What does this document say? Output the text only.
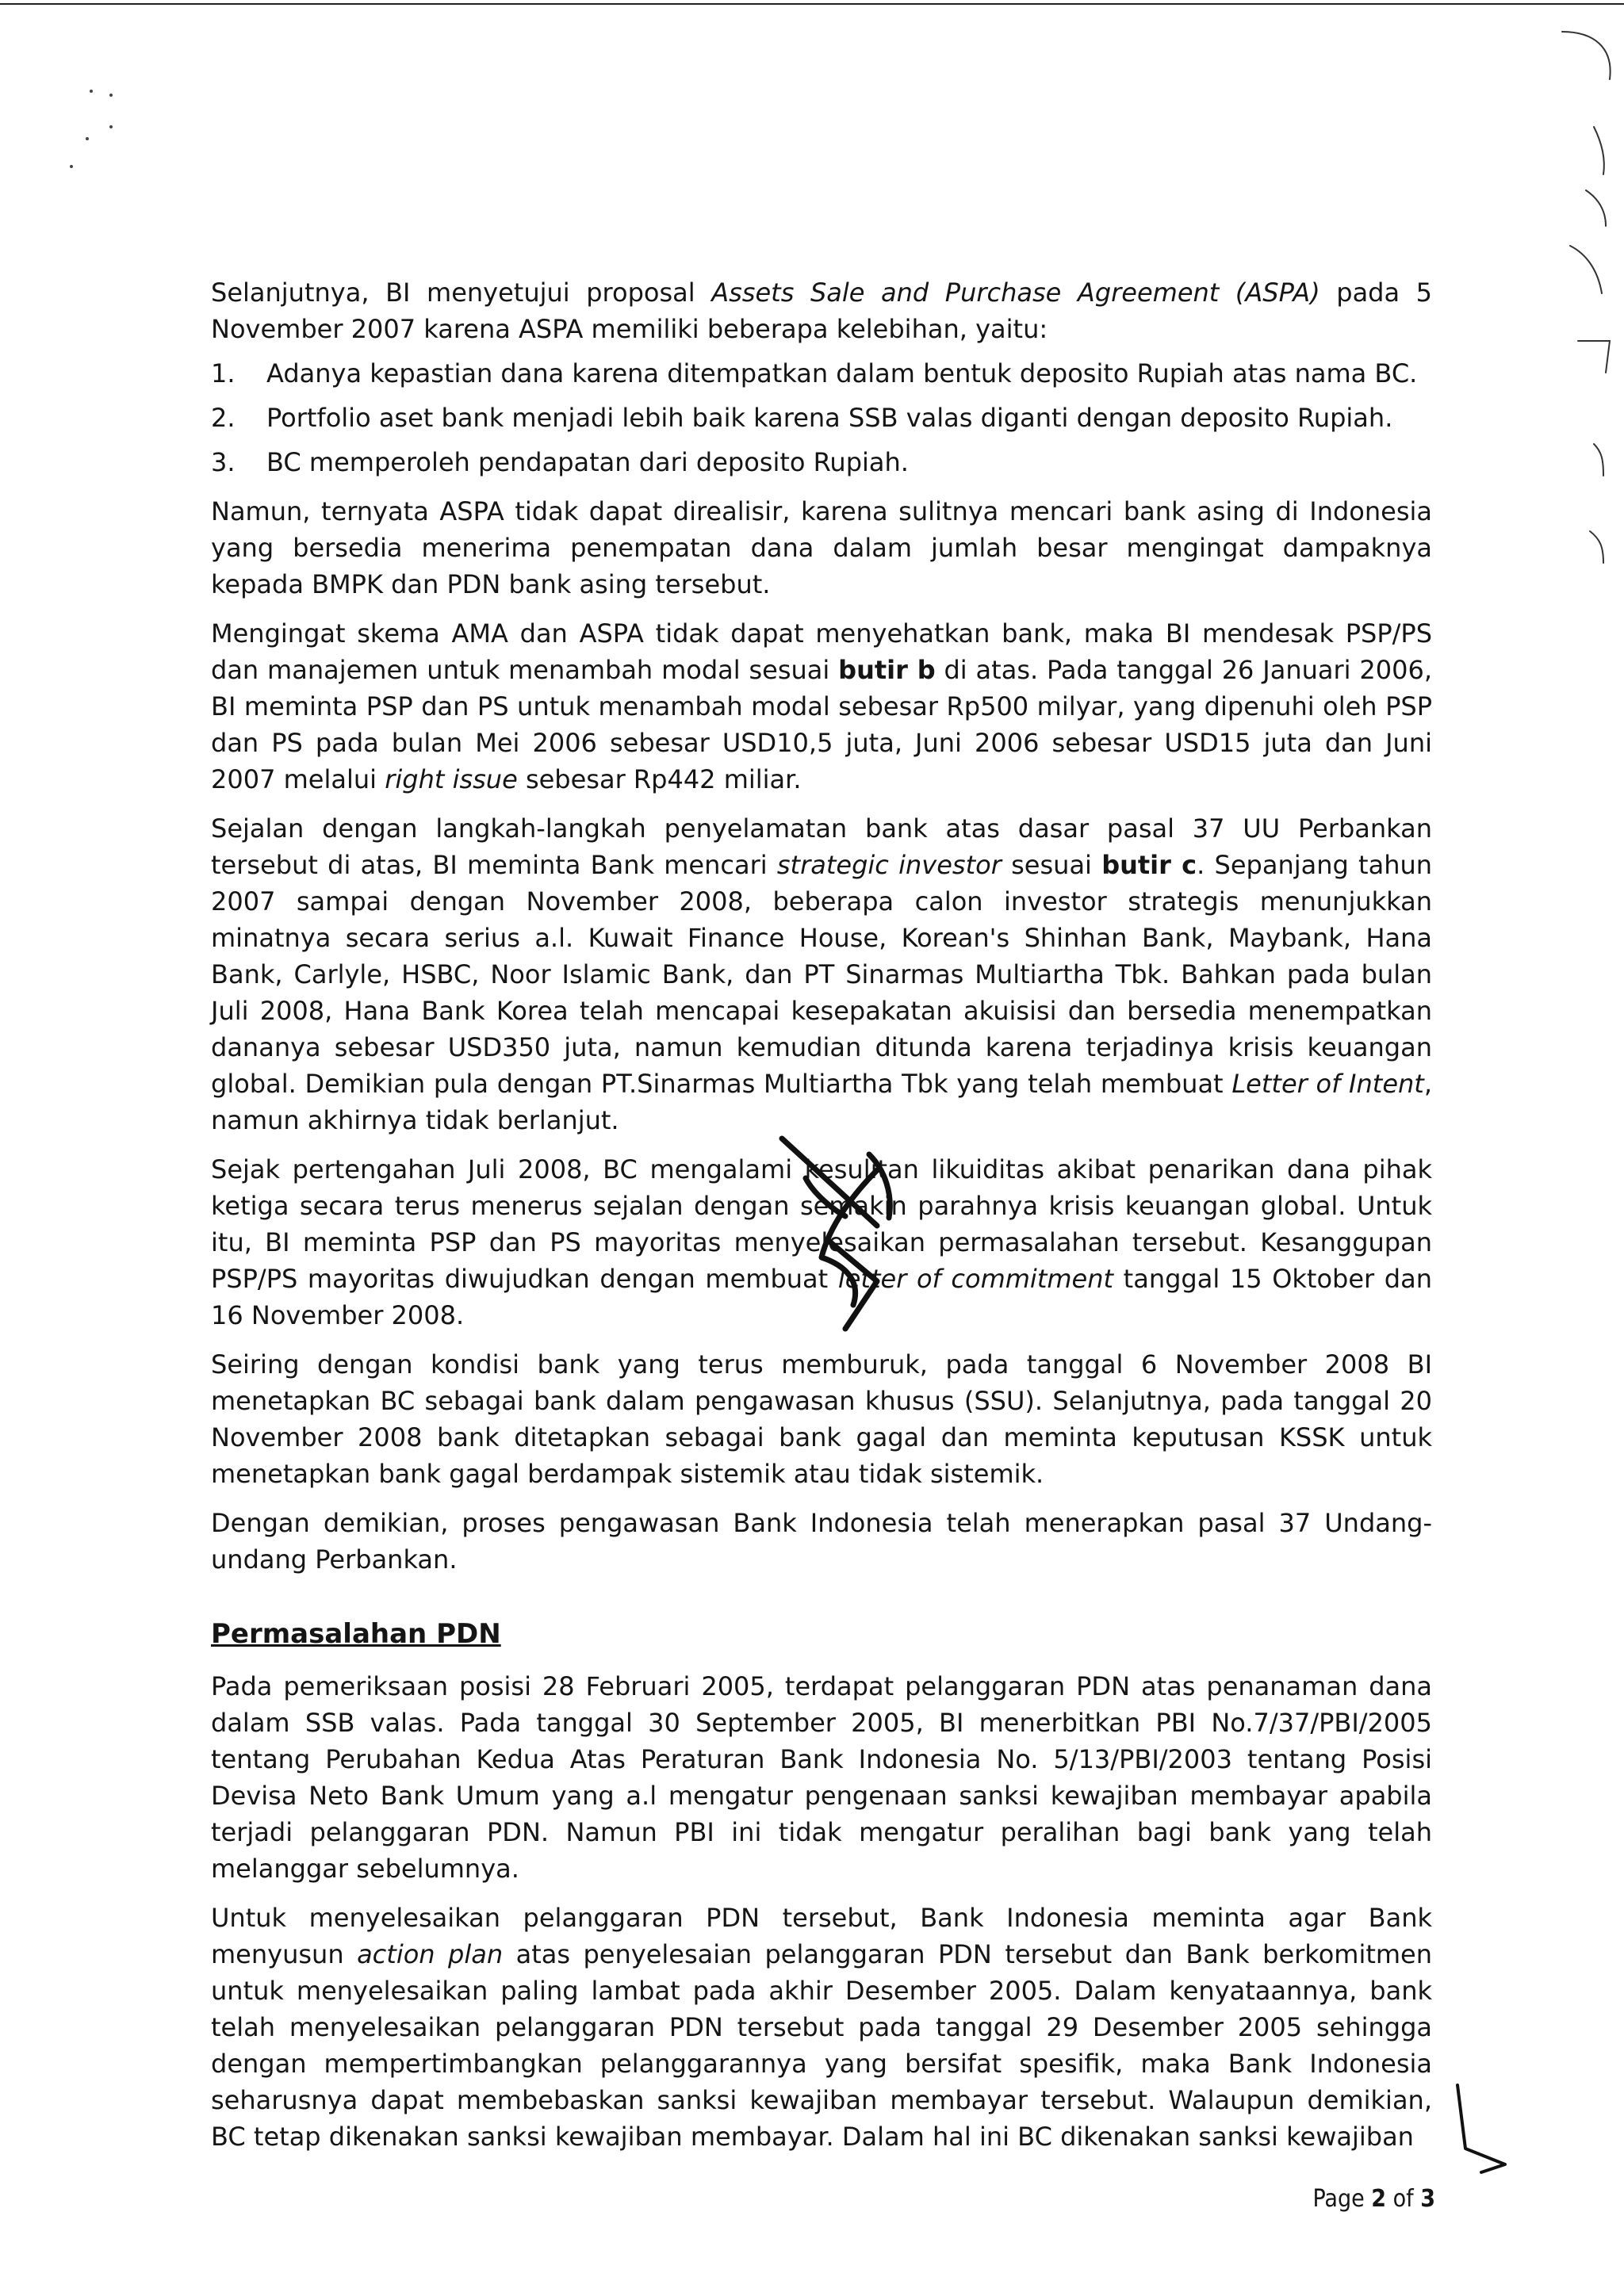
Selanjutnya, BI menyetujui proposal Assets Sale and Purchase Agreement (ASPA) pada 5 November 2007 karena ASPA memiliki beberapa kelebihan, yaitu:

1. Adanya kepastian dana karena ditempatkan dalam bentuk deposito Rupiah atas nama BC.
2. Portfolio aset bank menjadi lebih baik karena SSB valas diganti dengan deposito Rupiah.
3. BC memperoleh pendapatan dari deposito Rupiah.

Namun, ternyata ASPA tidak dapat direalisir, karena sulitnya mencari bank asing di Indonesia yang bersedia menerima penempatan dana dalam jumlah besar mengingat dampaknya kepada BMPK dan PDN bank asing tersebut.

Mengingat skema AMA dan ASPA tidak dapat menyehatkan bank, maka BI mendesak PSP/PS dan manajemen untuk menambah modal sesuai butir b di atas. Pada tanggal 26 Januari 2006, BI meminta PSP dan PS untuk menambah modal sebesar Rp500 milyar, yang dipenuhi oleh PSP dan PS pada bulan Mei 2006 sebesar USD10,5 juta, Juni 2006 sebesar USD15 juta dan Juni 2007 melalui right issue sebesar Rp442 miliar.

Sejalan dengan langkah-langkah penyelamatan bank atas dasar pasal 37 UU Perbankan tersebut di atas, BI meminta Bank mencari strategic investor sesuai butir c. Sepanjang tahun 2007 sampai dengan November 2008, beberapa calon investor strategis menunjukkan minatnya secara serius a.l. Kuwait Finance House, Korean's Shinhan Bank, Maybank, Hana Bank, Carlyle, HSBC, Noor Islamic Bank, dan PT Sinarmas Multiartha Tbk. Bahkan pada bulan Juli 2008, Hana Bank Korea telah mencapai kesepakatan akuisisi dan bersedia menempatkan dananya sebesar USD350 juta, namun kemudian ditunda karena terjadinya krisis keuangan global. Demikian pula dengan PT.Sinarmas Multiartha Tbk yang telah membuat Letter of Intent, namun akhirnya tidak berlanjut.

Sejak pertengahan Juli 2008, BC mengalami kesulitan likuiditas akibat penarikan dana pihak ketiga secara terus menerus sejalan dengan semakin parahnya krisis keuangan global. Untuk itu, BI meminta PSP dan PS mayoritas menyelesaikan permasalahan tersebut. Kesanggupan PSP/PS mayoritas diwujudkan dengan membuat letter of commitment tanggal 15 Oktober dan 16 November 2008.

Seiring dengan kondisi bank yang terus memburuk, pada tanggal 6 November 2008 BI menetapkan BC sebagai bank dalam pengawasan khusus (SSU). Selanjutnya, pada tanggal 20 November 2008 bank ditetapkan sebagai bank gagal dan meminta keputusan KSSK untuk menetapkan bank gagal berdampak sistemik atau tidak sistemik.

Dengan demikian, proses pengawasan Bank Indonesia telah menerapkan pasal 37 Undang-undang Perbankan.

Permasalahan PDN

Pada pemeriksaan posisi 28 Februari 2005, terdapat pelanggaran PDN atas penanaman dana dalam SSB valas. Pada tanggal 30 September 2005, BI menerbitkan PBI No.7/37/PBI/2005 tentang Perubahan Kedua Atas Peraturan Bank Indonesia No. 5/13/PBI/2003 tentang Posisi Devisa Neto Bank Umum yang a.l mengatur pengenaan sanksi kewajiban membayar apabila terjadi pelanggaran PDN. Namun PBI ini tidak mengatur peralihan bagi bank yang telah melanggar sebelumnya.

Untuk menyelesaikan pelanggaran PDN tersebut, Bank Indonesia meminta agar Bank menyusun action plan atas penyelesaian pelanggaran PDN tersebut dan Bank berkomitmen untuk menyelesaikan paling lambat pada akhir Desember 2005. Dalam kenyataannya, bank telah menyelesaikan pelanggaran PDN tersebut pada tanggal 29 Desember 2005 sehingga dengan mempertimbangkan pelanggarannya yang bersifat spesifik, maka Bank Indonesia seharusnya dapat membebaskan sanksi kewajiban membayar tersebut. Walaupun demikian, BC tetap dikenakan sanksi kewajiban membayar. Dalam hal ini BC dikenakan sanksi kewajiban

Page 2 of 3
